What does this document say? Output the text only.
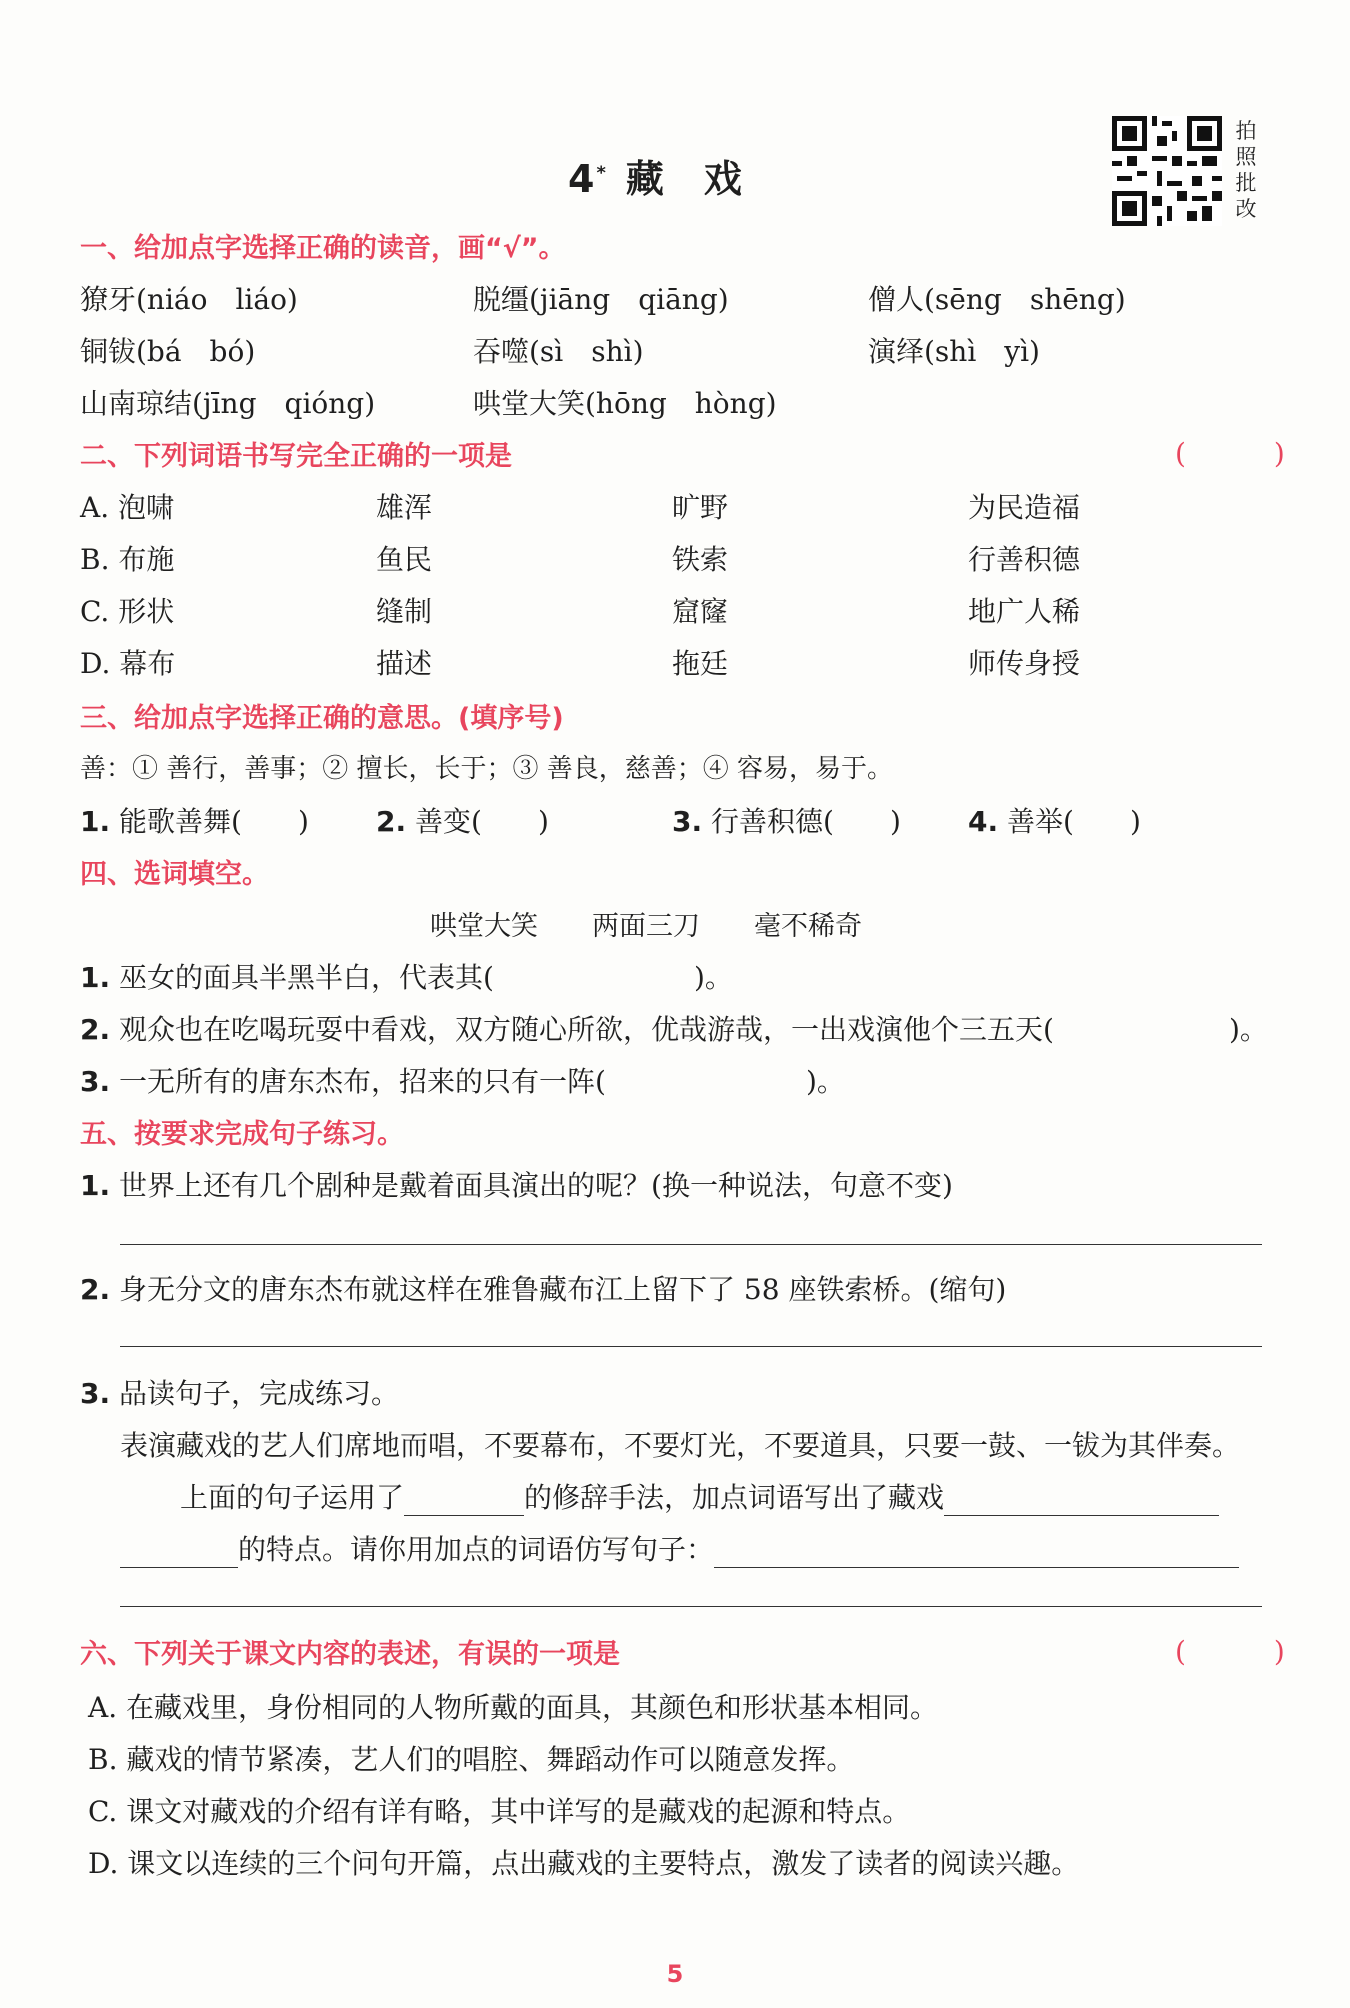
4* 藏戏
拍照批改
一、给加点字选择正确的读音，画“√”。
獠牙(niáo　liáo)	脱缰(jiāng　qiāng)	僧人(sēng　shēng)
铜钹(bá　bó)	吞噬(sì　shì)	演绎(shì　yì)
山南琼结(jīng　qióng)	哄堂大笑(hōng　hòng)
二、下列词语书写完全正确的一项是	(　)
A. 泡啸	雄浑	旷野	为民造福
B. 布施	鱼民	铁索	行善积德
C. 形状	缝制	窟窿	地广人稀
D. 幕布	描述	拖廷	师传身授
三、给加点字选择正确的意思。(填序号)
善：① 善行，善事；② 擅长，长于；③ 善良，慈善；④ 容易，易于。
1. 能歌善舞(　　) 2. 善变(　　)	3. 行善积德(　　) 4. 善举(　　)
四、选词填空。
哄堂大笑　　两面三刀　　毫不稀奇
1. 巫女的面具半黑半白，代表其(	)。
2. 观众也在吃喝玩耍中看戏，双方随心所欲，优哉游哉，一出戏演他个三五天(	)。
3. 一无所有的唐东杰布，招来的只有一阵(	)。
五、按要求完成句子练习。
1. 世界上还有几个剧种是戴着面具演出的呢？(换一种说法，句意不变)
2. 身无分文的唐东杰布就这样在雅鲁藏布江上留下了 58 座铁索桥。(缩句)
3. 品读句子，完成练习。
表演藏戏的艺人们席地而唱，不要幕布，不要灯光，不要道具，只要一鼓、一钹为其伴奏。
上面的句子运用了	的修辞手法，加点词语写出了藏戏
的特点。请你用加点的词语仿写句子：
六、下列关于课文内容的表述，有误的一项是	(　)
A. 在藏戏里，身份相同的人物所戴的面具，其颜色和形状基本相同。
B. 藏戏的情节紧凑，艺人们的唱腔、舞蹈动作可以随意发挥。
C. 课文对藏戏的介绍有详有略，其中详写的是藏戏的起源和特点。
D. 课文以连续的三个问句开篇，点出藏戏的主要特点，激发了读者的阅读兴趣。
5
